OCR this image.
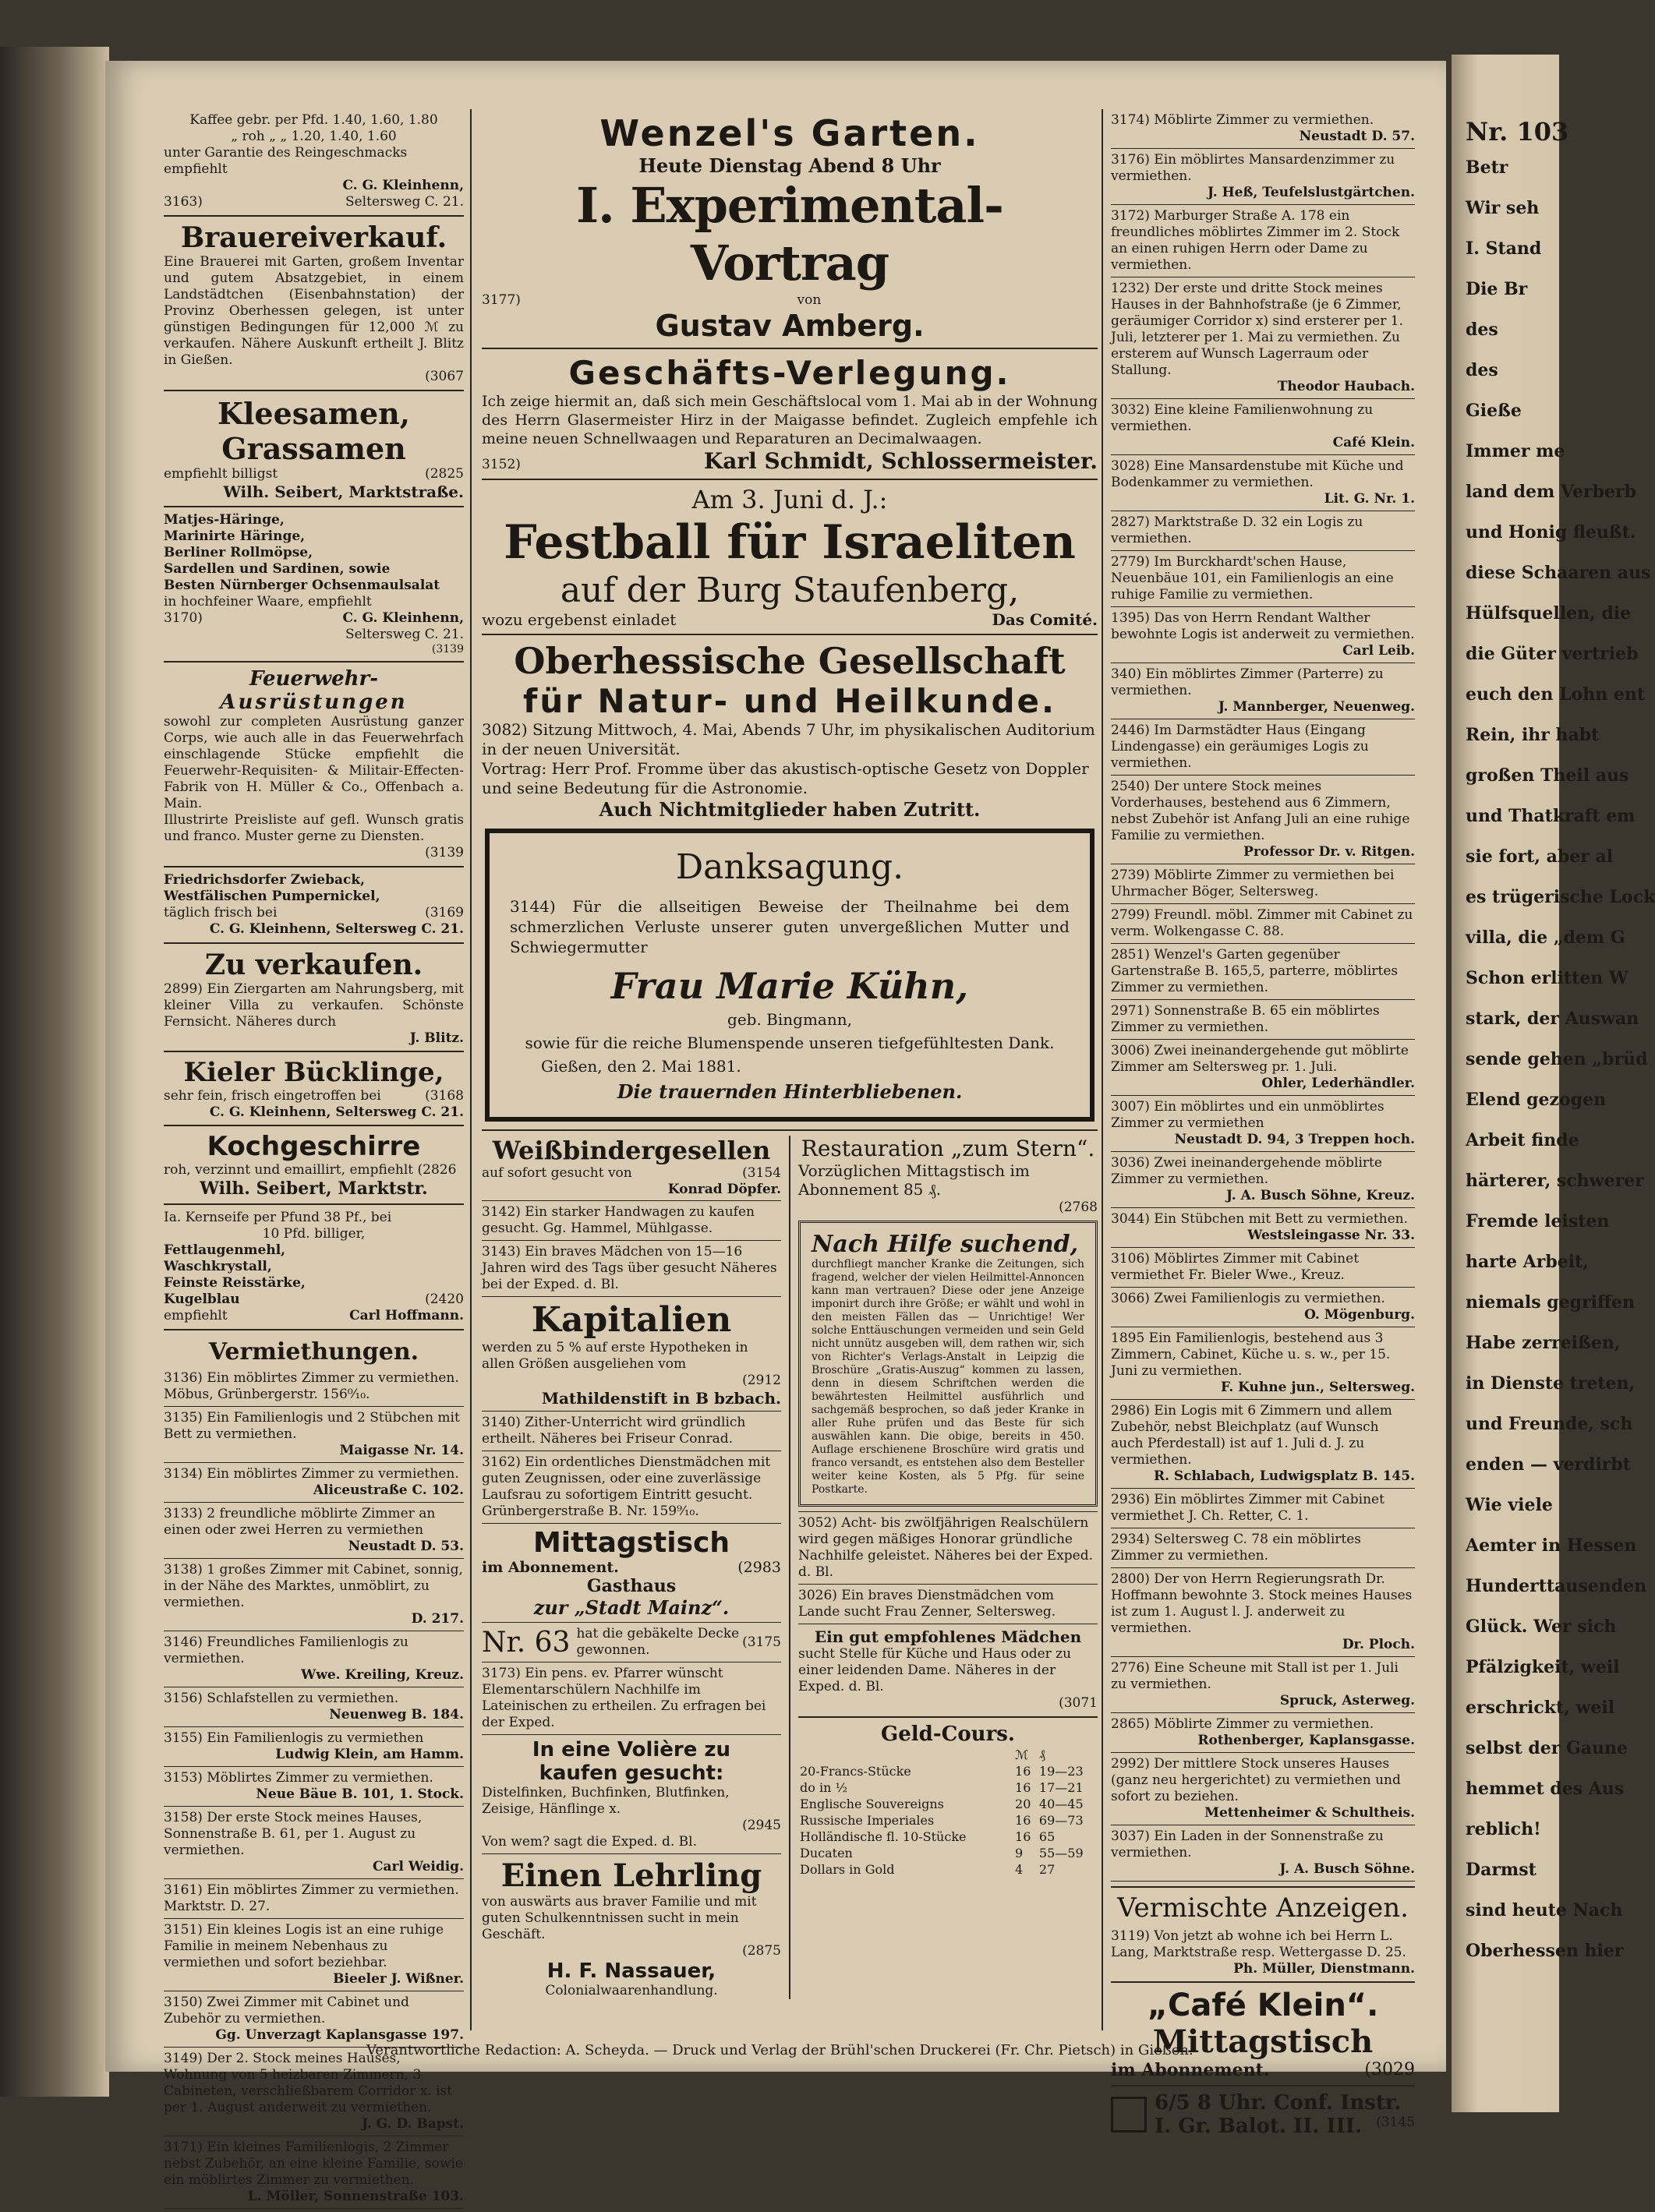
Nr. 103
Betr
Wir seh
I. Stand
Die Br
des
des
Gieße
Immer me
land dem Verberb
und Honig fleußt.
diese Schaaren aus
Hülfsquellen, die
die Güter vertrieb
euch den Lohn ent
Rein, ihr habt
großen Theil aus
und Thatkraft em
sie fort, aber al
es trügerische Lock
villa, die „dem G
Schon erlitten W
stark, der Auswan
sende gehen „brüd
Elend gezogen
Arbeit finde
härterer, schwerer
Fremde leisten
harte Arbeit,
niemals gegriffen
Habe zerreißen,
in Dienste treten,
und Freunde, sch
enden — verdirbt
Wie viele
Aemter in Hessen
Hunderttausenden
Glück. Wer sich
Pfälzigkeit, weil
erschrickt, weil
selbst der Gaune
hemmet des Aus
reblich!
Darmst
sind heute Nach
Oberhessen hier
Kaffee gebr. per Pfd. 1.40, 1.60, 1.80
„ roh „ „ 1.20, 1.40, 1.60
unter Garantie des Reingeschmacks
empfiehlt
C. G. Kleinhenn,
3163)	Seltersweg C. 21.
Brauereiverkauf.
Eine Brauerei mit Garten, großem Inventar und gutem Absatzgebiet, in einem Landstädtchen (Eisenbahnstation) der Provinz Oberhessen gelegen, ist unter günstigen Bedingungen für 12,000 ℳ zu verkaufen. Nähere Auskunft ertheilt J. Blitz in Gießen.
(3067
Kleesamen,
Grassamen
empfiehlt billigst	(2825
Wilh. Seibert, Marktstraße.
Matjes-Häringe,
Marinirte Häringe,
Berliner Rollmöpse,
Sardellen und Sardinen, sowie
Besten Nürnberger Ochsenmaulsalat
in hochfeiner Waare, empfiehlt
3170)	C. G. Kleinhenn,
Seltersweg C. 21.
(3139
Feuerwehr-
Ausrüstungen
sowohl zur completen Ausrüstung ganzer Corps, wie auch alle in das Feuerwehrfach einschlagende Stücke empfiehlt die Feuerwehr-Requisiten- & Militair-Effecten-Fabrik von H. Müller & Co., Offenbach a. Main.
Illustrirte Preisliste auf gefl. Wunsch gratis und franco. Muster gerne zu Diensten.
(3139
Friedrichsdorfer Zwieback,
Westfälischen Pumpernickel,
täglich frisch bei	(3169
C. G. Kleinhenn, Seltersweg C. 21.
Zu verkaufen.
2899) Ein Ziergarten am Nahrungsberg, mit kleiner Villa zu verkaufen. Schönste Fernsicht. Näheres durch
J. Blitz.
Kieler Bücklinge,
sehr fein, frisch eingetroffen bei	(3168
C. G. Kleinhenn, Seltersweg C. 21.
Kochgeschirre
roh, verzinnt und emaillirt, empfiehlt (2826
Wilh. Seibert, Marktstr.
Ia. Kernseife per Pfund 38 Pf., bei
10 Pfd. billiger,
Fettlaugenmehl,
Waschkrystall,
Feinste Reisstärke,
Kugelblau	(2420
empfiehlt	Carl Hoffmann.
Vermiethungen.
3136) Ein möblirtes Zimmer zu vermiethen. Möbus, Grünbergerstr. 156⁰⁄₁₀.
3135) Ein Familienlogis und 2 Stübchen mit Bett zu vermiethen.
Maigasse Nr. 14.
3134) Ein möblirtes Zimmer zu vermiethen.
Aliceustraße C. 102.
3133) 2 freundliche möblirte Zimmer an einen oder zwei Herren zu vermiethen
Neustadt D. 53.
3138) 1 großes Zimmer mit Cabinet, sonnig, in der Nähe des Marktes, unmöblirt, zu vermiethen.
D. 217.
3146) Freundliches Familienlogis zu vermiethen.
Wwe. Kreiling, Kreuz.
3156) Schlafstellen zu vermiethen.
Neuenweg B. 184.
3155) Ein Familienlogis zu vermiethen
Ludwig Klein, am Hamm.
3153) Möblirtes Zimmer zu vermiethen.
Neue Bäue B. 101, 1. Stock.
3158) Der erste Stock meines Hauses, Sonnenstraße B. 61, per 1. August zu vermiethen.
Carl Weidig.
3161) Ein möblirtes Zimmer zu vermiethen. Marktstr. D. 27.
3151) Ein kleines Logis ist an eine ruhige Familie in meinem Nebenhaus zu vermiethen und sofort beziehbar.
Bieeler J. Wißner.
3150) Zwei Zimmer mit Cabinet und Zubehör zu vermiethen.
Gg. Unverzagt Kaplansgasse 197.
3149) Der 2. Stock meines Hauses, Wohnung von 5 heizbaren Zimmern, 3 Cabineten, verschließbarem Corridor x. ist per 1. August anderweit zu vermiethen.
J. G. D. Bapst.
3171) Ein kleines Familienlogis, 2 Zimmer nebst Zubehör, an eine kleine Familie, sowie ein möblirtes Zimmer zu vermiethen.
L. Möller, Sonnenstraße 103.
Wenzel's Garten.
Heute Dienstag Abend 8 Uhr
I. Experimental-Vortrag
3177)	von
Gustav Amberg.
Geschäfts-Verlegung.
Ich zeige hiermit an, daß sich mein Geschäftslocal vom 1. Mai ab in der Wohnung des Herrn Glasermeister Hirz in der Maigasse befindet. Zugleich empfehle ich meine neuen Schnellwaagen und Reparaturen an Decimalwaagen.
3152)	Karl Schmidt, Schlossermeister.
Am 3. Juni d. J.:
Festball für Israeliten
auf der Burg Staufenberg,
wozu ergebenst einladet	Das Comité.
Oberhessische Gesellschaft
für Natur- und Heilkunde.
3082) Sitzung Mittwoch, 4. Mai, Abends 7 Uhr, im physikalischen Auditorium in der neuen Universität.
Vortrag: Herr Prof. Fromme über das akustisch-optische Gesetz von Doppler und seine Bedeutung für die Astronomie.
Auch Nichtmitglieder haben Zutritt.
Danksagung.
3144) Für die allseitigen Beweise der Theilnahme bei dem schmerzlichen Verluste unserer guten unvergeßlichen Mutter und Schwiegermutter
Frau Marie Kühn,
geb. Bingmann,
sowie für die reiche Blumenspende unseren tiefgefühltesten Dank.
Gießen, den 2. Mai 1881.
Die trauernden Hinterbliebenen.
Weißbindergesellen
auf sofort gesucht von	(3154
Konrad Döpfer.
3142) Ein starker Handwagen zu kaufen gesucht. Gg. Hammel, Mühlgasse.
3143) Ein braves Mädchen von 15—16 Jahren wird des Tags über gesucht Näheres bei der Exped. d. Bl.
Kapitalien
werden zu 5 % auf erste Hypotheken in allen Größen ausgeliehen vom
(2912
Mathildenstift in B bzbach.
3140) Zither-Unterricht wird gründlich ertheilt. Näheres bei Friseur Conrad.
3162) Ein ordentliches Dienstmädchen mit guten Zeugnissen, oder eine zuverlässige Laufsrau zu sofortigem Eintritt gesucht. Grünbergerstraße B. Nr. 159⁹⁄₁₀.
Mittagstisch
im Abonnement.	(2983
Gasthaus
zur „Stadt Mainz“.
Nr. 63 hat die gebäkelte Decke gewonnen.
(3175
3173) Ein pens. ev. Pfarrer wünscht Elementarschülern Nachhilfe im Lateinischen zu ertheilen. Zu erfragen bei der Exped.
In eine Volière zu
kaufen gesucht:
Distelfinken, Buchfinken, Blutfinken, Zeisige, Hänflinge x.
(2945
Von wem? sagt die Exped. d. Bl.
Einen Lehrling
von auswärts aus braver Familie und mit guten Schulkenntnissen sucht in mein Geschäft.
(2875
H. F. Nassauer,
Colonialwaarenhandlung.
Restauration „zum Stern“.
Vorzüglichen Mittagstisch im Abonnement 85 ₰.
(2768
Nach Hilfe suchend,
durchfliegt mancher Kranke die Zeitungen, sich fragend, welcher der vielen Heilmittel-Annoncen kann man vertrauen? Diese oder jene Anzeige imponirt durch ihre Größe; er wählt und wohl in den meisten Fällen das — Unrichtige! Wer solche Enttäuschungen vermeiden und sein Geld nicht unnütz ausgeben will, dem rathen wir, sich von Richter's Verlags-Anstalt in Leipzig die Broschüre „Gratis-Auszug“ kommen zu lassen, denn in diesem Schriftchen werden die bewährtesten Heilmittel ausführlich und sachgemäß besprochen, so daß jeder Kranke in aller Ruhe prüfen und das Beste für sich auswählen kann. Die obige, bereits in 450. Auflage erschienene Broschüre wird gratis und franco versandt, es entstehen also dem Besteller weiter keine Kosten, als 5 Pfg. für seine Postkarte.
3052) Acht- bis zwölfjährigen Realschülern wird gegen mäßiges Honorar gründliche Nachhilfe geleistet. Näheres bei der Exped. d. Bl.
3026) Ein braves Dienstmädchen vom Lande sucht Frau Zenner, Seltersweg.
Ein gut empfohlenes Mädchen
sucht Stelle für Küche und Haus oder zu einer leidenden Dame. Näheres in der Exped. d. Bl.
(3071
Geld-Cours.
	ℳ	₰
20-Francs-Stücke	16	19—23
do in ½	16	17—21
Englische Souvereigns	20	40—45
Russische Imperiales	16	69—73
Holländische fl. 10-Stücke	16	65
Ducaten	9	55—59
Dollars in Gold	4	27
3174) Möblirte Zimmer zu vermiethen.
Neustadt D. 57.
3176) Ein möblirtes Mansardenzimmer zu vermiethen.
J. Heß, Teufelslustgärtchen.
3172) Marburger Straße A. 178 ein freundliches möblirtes Zimmer im 2. Stock an einen ruhigen Herrn oder Dame zu vermiethen.
1232) Der erste und dritte Stock meines Hauses in der Bahnhofstraße (je 6 Zimmer, geräumiger Corridor x) sind ersterer per 1. Juli, letzterer per 1. Mai zu vermiethen. Zu ersterem auf Wunsch Lagerraum oder Stallung.
Theodor Haubach.
3032) Eine kleine Familienwohnung zu vermiethen.
Café Klein.
3028) Eine Mansardenstube mit Küche und Bodenkammer zu vermiethen.
Lit. G. Nr. 1.
2827) Marktstraße D. 32 ein Logis zu vermiethen.
2779) Im Burckhardt'schen Hause, Neuenbäue 101, ein Familienlogis an eine ruhige Familie zu vermiethen.
1395) Das von Herrn Rendant Walther bewohnte Logis ist anderweit zu vermiethen.
Carl Leib.
340) Ein möblirtes Zimmer (Parterre) zu vermiethen.
J. Mannberger, Neuenweg.
2446) Im Darmstädter Haus (Eingang Lindengasse) ein geräumiges Logis zu vermiethen.
2540) Der untere Stock meines Vorderhauses, bestehend aus 6 Zimmern, nebst Zubehör ist Anfang Juli an eine ruhige Familie zu vermiethen.
Professor Dr. v. Ritgen.
2739) Möblirte Zimmer zu vermiethen bei Uhrmacher Böger, Seltersweg.
2799) Freundl. möbl. Zimmer mit Cabinet zu verm. Wolkengasse C. 88.
2851) Wenzel's Garten gegenüber Gartenstraße B. 165,5, parterre, möblirtes Zimmer zu vermiethen.
2971) Sonnenstraße B. 65 ein möblirtes Zimmer zu vermiethen.
3006) Zwei ineinandergehende gut möblirte Zimmer am Seltersweg pr. 1. Juli.
Ohler, Lederhändler.
3007) Ein möblirtes und ein unmöblirtes Zimmer zu vermiethen
Neustadt D. 94, 3 Treppen hoch.
3036) Zwei ineinandergehende möblirte Zimmer zu vermiethen.
J. A. Busch Söhne, Kreuz.
3044) Ein Stübchen mit Bett zu vermiethen.
Westsleingasse Nr. 33.
3106) Möblirtes Zimmer mit Cabinet vermiethet Fr. Bieler Wwe., Kreuz.
3066) Zwei Familienlogis zu vermiethen.
O. Mögenburg.
1895 Ein Familienlogis, bestehend aus 3 Zimmern, Cabinet, Küche u. s. w., per 15. Juni zu vermiethen.
F. Kuhne jun., Seltersweg.
2986) Ein Logis mit 6 Zimmern und allem Zubehör, nebst Bleichplatz (auf Wunsch auch Pferdestall) ist auf 1. Juli d. J. zu vermiethen.
R. Schlabach, Ludwigsplatz B. 145.
2936) Ein möblirtes Zimmer mit Cabinet vermiethet J. Ch. Retter, C. 1.
2934) Seltersweg C. 78 ein möblirtes Zimmer zu vermiethen.
2800) Der von Herrn Regierungsrath Dr. Hoffmann bewohnte 3. Stock meines Hauses ist zum 1. August l. J. anderweit zu vermiethen.
Dr. Ploch.
2776) Eine Scheune mit Stall ist per 1. Juli zu vermiethen.
Spruck, Asterweg.
2865) Möblirte Zimmer zu vermiethen.
Rothenberger, Kaplansgasse.
2992) Der mittlere Stock unseres Hauses (ganz neu hergerichtet) zu vermiethen und sofort zu beziehen.
Mettenheimer & Schultheis.
3037) Ein Laden in der Sonnenstraße zu vermiethen.
J. A. Busch Söhne.
Vermischte Anzeigen.
3119) Von jetzt ab wohne ich bei Herrn L. Lang, Marktstraße resp. Wettergasse D. 25.
Ph. Müller, Dienstmann.
„Café Klein“.
Mittagstisch
im Abonnement.	(3029
6/5 8 Uhr. Conf. Instr.
I. Gr. Balot. II. III. (3145
Verantwortliche Redaction: A. Scheyda. — Druck und Verlag der Brühl'schen Druckerei (Fr. Chr. Pietsch) in Gießen.
